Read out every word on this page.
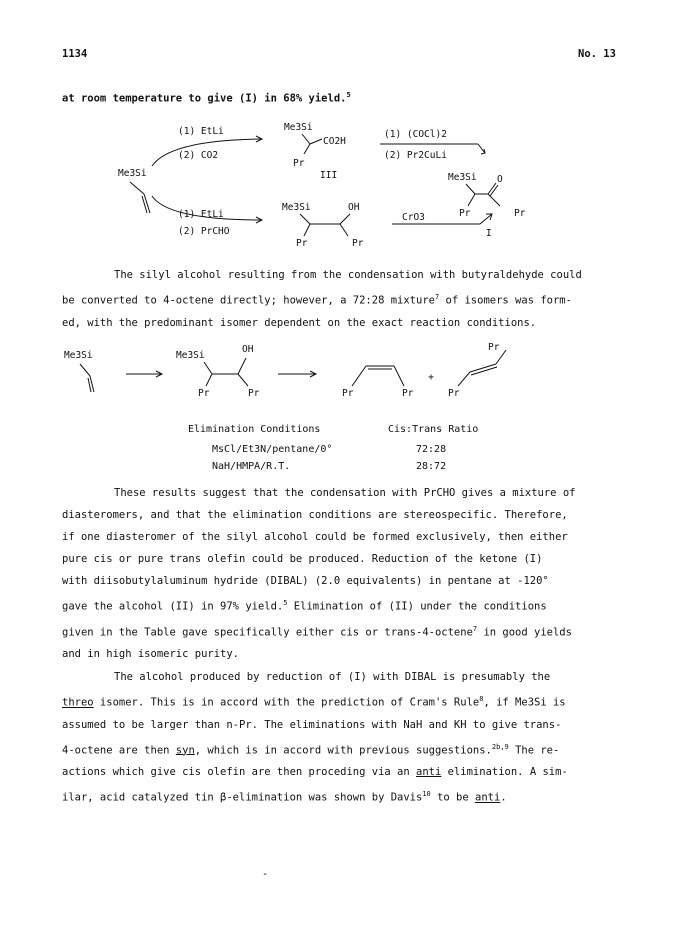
1134	No. 13
at room temperature to give (I) in 68% yield.$^5$
Me3Si
(1) EtLi
(2) CO2
Me3Si
CO2H
Pr
III
(1) (COCl)2
(2) Pr2CuLi
Me3Si O
Pr	Pr
(1) EtLi
(2) PrCHO
Me3Si	OH
Pr	Pr
CrO3
I
The silyl alcohol resulting from the condensation with butyraldehyde could
be converted to 4-octene directly; however, a 72:28 mixture$^7$ of isomers was form-
ed, with the predominant isomer dependent on the exact reaction conditions.
Me3Si	Me3Si
OH
Pr	Pr	Pr	Pr
+
Pr
Pr
Elimination Conditions	Cis:Trans Ratio
MsCl/Et3N/pentane/0°	72:28
NaH/HMPA/R.T.	28:72
These results suggest that the condensation with PrCHO gives a mixture of
diasteromers, and that the elimination conditions are stereospecific. Therefore,
if one diasteromer of the silyl alcohol could be formed exclusively, then either
pure cis or pure trans olefin could be produced. Reduction of the ketone (I)
with diisobutylaluminum hydride (DIBAL) (2.0 equivalents) in pentane at -120°
gave the alcohol (II) in 97% yield.$^5$ Elimination of (II) under the conditions
given in the Table gave specifically either cis or trans-4-octene$^7$ in good yields
and in high isomeric purity.
The alcohol produced by reduction of (I) with DIBAL is presumably the
threo isomer. This is in accord with the prediction of Cram's Rule$^8$, if Me3Si is
assumed to be larger than n-Pr. The eliminations with NaH and KH to give trans-
4-octene are then syn, which is in accord with previous suggestions.$^{2b,9}$ The re-
actions which give cis olefin are then proceding via an anti elimination. A sim-
ilar, acid catalyzed tin β-elimination was shown by Davis$^{10}$ to be anti.
-
